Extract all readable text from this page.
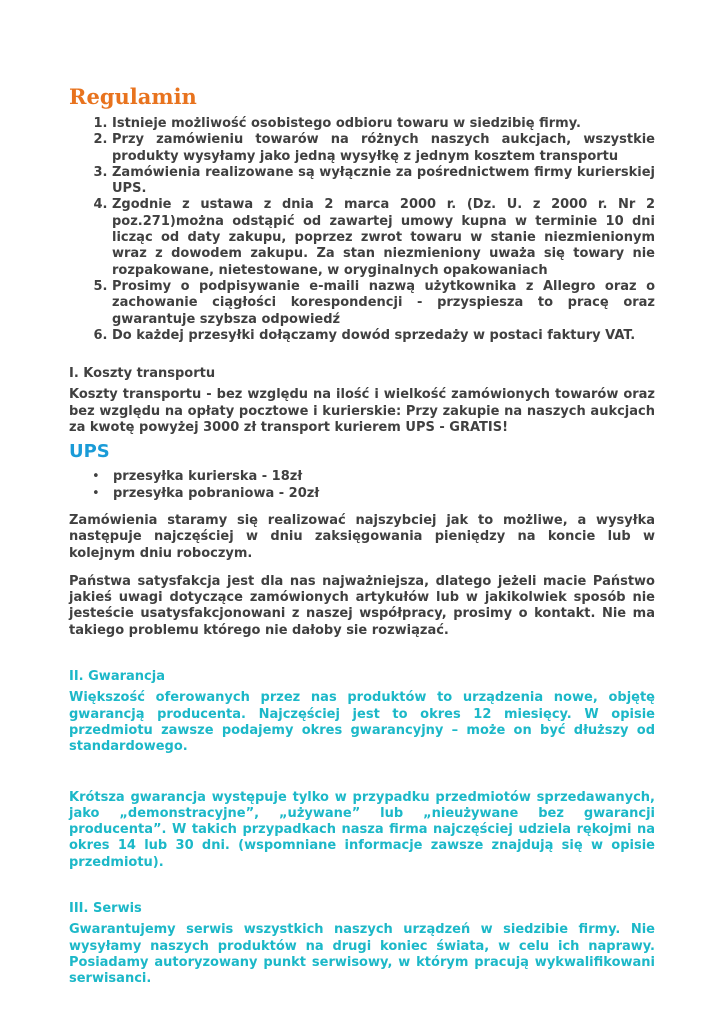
Regulamin
1. Istnieje możliwość osobistego odbioru towaru w siedzibię firmy.
2. Przy zamówieniu towarów na różnych naszych aukcjach, wszystkie produkty wysyłamy jako jedną wysyłkę z jednym kosztem transportu
3. Zamówienia realizowane są wyłącznie za pośrednictwem firmy kurierskiej UPS.
4. Zgodnie z ustawa z dnia 2 marca 2000 r. (Dz. U. z 2000 r. Nr 2 poz.271)można odstąpić od zawartej umowy kupna w terminie 10 dni licząc od daty zakupu, poprzez zwrot towaru w stanie niezmienionym wraz z dowodem zakupu. Za stan niezmieniony uważa się towary nie rozpakowane, nietestowane, w oryginalnych opakowaniach
5. Prosimy o podpisywanie e-maili nazwą użytkownika z Allegro oraz o zachowanie ciągłości korespondencji - przyspiesza to pracę oraz gwarantuje szybsza odpowiedź
6. Do każdej przesyłki dołączamy dowód sprzedaży w postaci faktury VAT.

I. Koszty transportu

Koszty transportu - bez względu na ilość i wielkość zamówionych towarów oraz bez względu na opłaty pocztowe i kurierskie: Przy zakupie na naszych aukcjach za kwotę powyżej 3000 zł transport kurierem UPS - GRATIS!

UPS
• przesyłka kurierska - 18zł
• przesyłka pobraniowa - 20zł

Zamówienia staramy się realizować najszybciej jak to możliwe, a wysyłka następuje najczęściej w dniu zaksięgowania pieniędzy na koncie lub w kolejnym dniu roboczym.

Państwa satysfakcja jest dla nas najważniejsza, dlatego jeżeli macie Państwo jakieś uwagi dotyczące zamówionych artykułów lub w jakikolwiek sposób nie jesteście usatysfakcjonowani z naszej współpracy, prosimy o kontakt. Nie ma takiego problemu którego nie dałoby sie rozwiązać.

II. Gwarancja

Większość oferowanych przez nas produktów to urządzenia nowe, objętę gwarancją producenta. Najczęściej jest to okres 12 miesięcy. W opisie przedmiotu zawsze podajemy okres gwarancyjny – może on być dłuższy od standardowego.

Krótsza gwarancja występuje tylko w przypadku przedmiotów sprzedawanych, jako „demonstracyjne”, „używane” lub „nieużywane bez gwarancji producenta”. W takich przypadkach nasza firma najczęściej udziela rękojmi na okres 14 lub 30 dni. (wspomniane informacje zawsze znajdują się w opisie przedmiotu).

III. Serwis

Gwarantujemy serwis wszystkich naszych urządzeń w siedzibie firmy. Nie wysyłamy naszych produktów na drugi koniec świata, w celu ich naprawy. Posiadamy autoryzowany punkt serwisowy, w którym pracują wykwalifikowani serwisanci.
